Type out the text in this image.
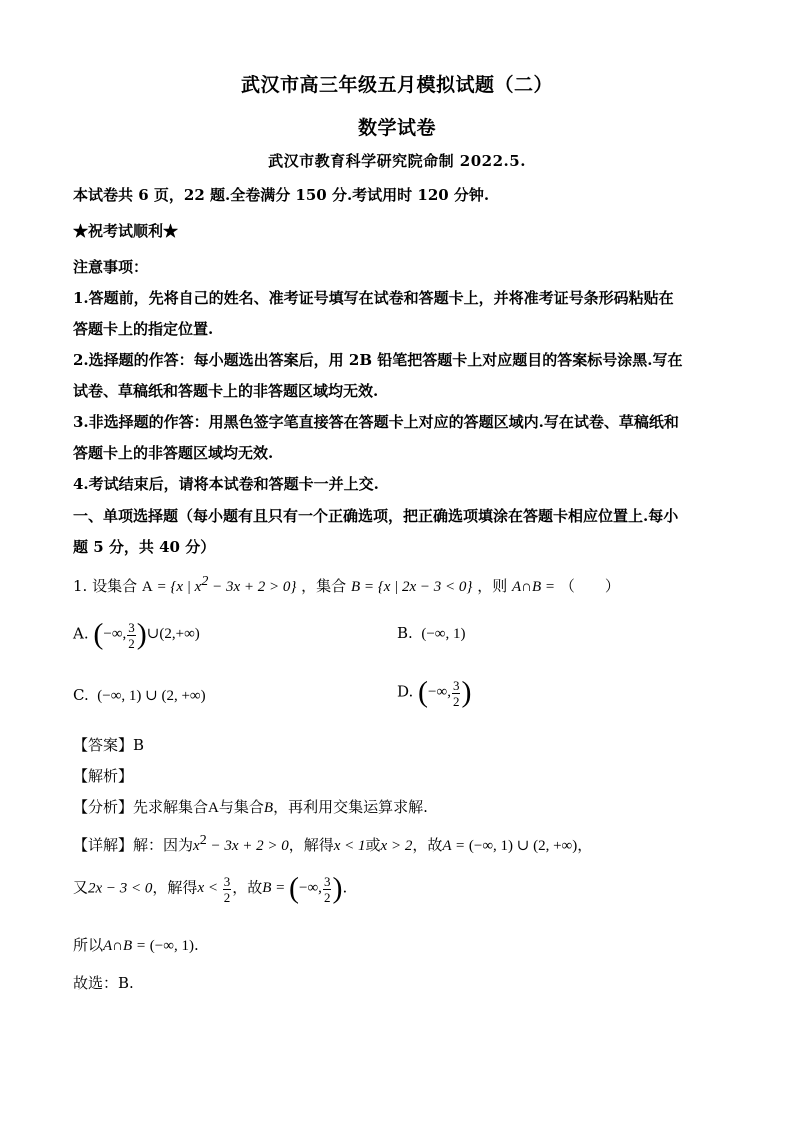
武汉市高三年级五月模拟试题（二）
数学试卷
武汉市教育科学研究院命制 2022.5.
本试卷共 6 页，22 题.全卷满分 150 分.考试用时 120 分钟.
★祝考试顺利★
注意事项：
1.答题前，先将自己的姓名、准考证号填写在试卷和答题卡上，并将准考证号条形码粘贴在
答题卡上的指定位置.
2.选择题的作答：每小题选出答案后，用 2B 铅笔把答题卡上对应题目的答案标号涂黑.写在
试卷、草稿纸和答题卡上的非答题区域均无效.
3.非选择题的作答：用黑色签字笔直接答在答题卡上对应的答题区域内.写在试卷、草稿纸和
答题卡上的非答题区域均无效.
4.考试结束后，请将本试卷和答题卡一并上交.
一、单项选择题（每小题有且只有一个正确选项，把正确选项填涂在答题卡相应位置上.每小
题 5 分，共 40 分）
1. 设集合 A = {x | $x^2 - 3x + 2 > 0$} ，集合 B = {x | 2x − 3 < 0} ，则 A∩B = （　　）
A. (−∞, $\frac{3}{2}$ )∪(2,+∞)	B.  (−∞, 1)
C.  (−∞, 1) ∪ (2, +∞)	D. (−∞, $\frac{3}{2}$ )
【答案】B
【解析】
【分析】先求解集合A与集合B，再利用交集运算求解.
【详解】解：因为$x^2 - 3x + 2 > 0$，解得x < 1或x > 2，故A = (−∞, 1) ∪ (2, +∞)，
又2x − 3 < 0，解得$x < \frac{3}{2}$ ，故B = (−∞, $\frac{3}{2}$ ).
所以A∩B = (−∞, 1).
故选：B.
